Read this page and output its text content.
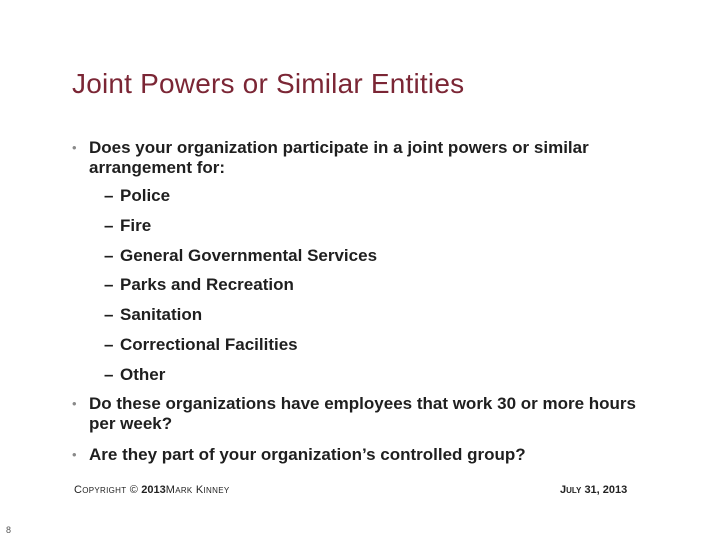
Joint Powers or Similar Entities
• Does your organization participate in a joint powers or similar arrangement for:
– Police
– Fire
– General Governmental Services
– Parks and Recreation
– Sanitation
– Correctional Facilities
– Other
• Do these organizations have employees that work 30 or more hours per week?
• Are they part of your organization’s controlled group?
Copyright © 2013Mark Kinney	July 31, 2013
8
